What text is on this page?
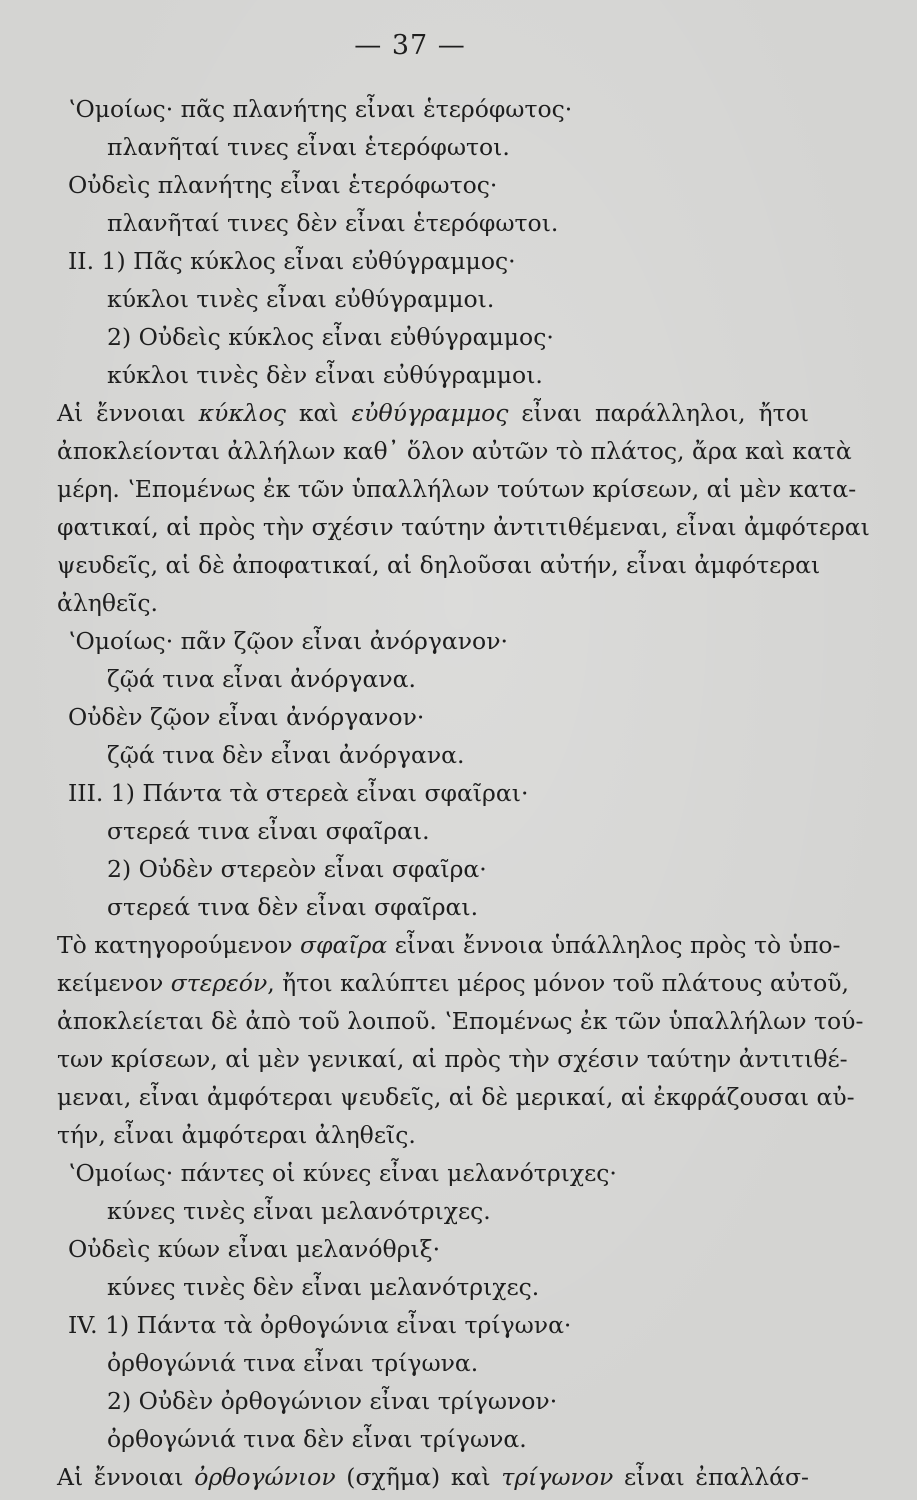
— 37 —
ʽΟμοίως· πᾶς πλανήτης εἶναι ἑτερόφωτος·
πλανῆταί τινες εἶναι ἑτερόφωτοι.
Οὐδεὶς πλανήτης εἶναι ἑτερόφωτος·
πλανῆταί τινες δὲν εἶναι ἑτερόφωτοι.
II. 1) Πᾶς κύκλος εἶναι εὐθύγραμμος·
κύκλοι τινὲς εἶναι εὐθύγραμμοι.
2) Οὐδεὶς κύκλος εἶναι εὐθύγραμμος·
κύκλοι τινὲς δὲν εἶναι εὐθύγραμμοι.
Αἱ ἔννοιαι κύκλος καὶ εὐθύγραμμος εἶναι παράλληλοι, ἤτοι
ἀποκλείονται ἀλλήλων καθ᾽ ὅλον αὐτῶν τὸ πλάτος, ἄρα καὶ κατὰ
μέρη. ʽΕπομένως ἐκ τῶν ὑπαλλήλων τούτων κρίσεων, αἱ μὲν κατα-
φατικαί, αἱ πρὸς τὴν σχέσιν ταύτην ἀντιτιθέμεναι, εἶναι ἀμφότεραι
ψευδεῖς, αἱ δὲ ἀποφατικαί, αἱ δηλοῦσαι αὐτήν, εἶναι ἀμφότεραι
ἀληθεῖς.
ʽΟμοίως· πᾶν ζῷον εἶναι ἀνόργανον·
ζῷά τινα εἶναι ἀνόργανα.
Οὐδὲν ζῷον εἶναι ἀνόργανον·
ζῷά τινα δὲν εἶναι ἀνόργανα.
III. 1) Πάντα τὰ στερεὰ εἶναι σφαῖραι·
στερεά τινα εἶναι σφαῖραι.
2) Οὐδὲν στερεὸν εἶναι σφαῖρα·
στερεά τινα δὲν εἶναι σφαῖραι.
Τὸ κατηγορούμενον σφαῖρα εἶναι ἔννοια ὑπάλληλος πρὸς τὸ ὑπο-
κείμενον στερεόν, ἤτοι καλύπτει μέρος μόνον τοῦ πλάτους αὐτοῦ,
ἀποκλείεται δὲ ἀπὸ τοῦ λοιποῦ. ʽΕπομένως ἐκ τῶν ὑπαλλήλων τού-
των κρίσεων, αἱ μὲν γενικαί, αἱ πρὸς τὴν σχέσιν ταύτην ἀντιτιθέ-
μεναι, εἶναι ἀμφότεραι ψευδεῖς, αἱ δὲ μερικαί, αἱ ἐκφράζουσαι αὐ-
τήν, εἶναι ἀμφότεραι ἀληθεῖς.
ʽΟμοίως· πάντες οἱ κύνες εἶναι μελανότριχες·
κύνες τινὲς εἶναι μελανότριχες.
Οὐδεὶς κύων εἶναι μελανόθριξ·
κύνες τινὲς δὲν εἶναι μελανότριχες.
IV. 1) Πάντα τὰ ὀρθογώνια εἶναι τρίγωνα·
ὀρθογώνιά τινα εἶναι τρίγωνα.
2) Οὐδὲν ὀρθογώνιον εἶναι τρίγωνον·
ὀρθογώνιά τινα δὲν εἶναι τρίγωνα.
Αἱ ἔννοιαι ὀρθογώνιον (σχῆμα) καὶ τρίγωνον εἶναι ἐπαλλάσ-
